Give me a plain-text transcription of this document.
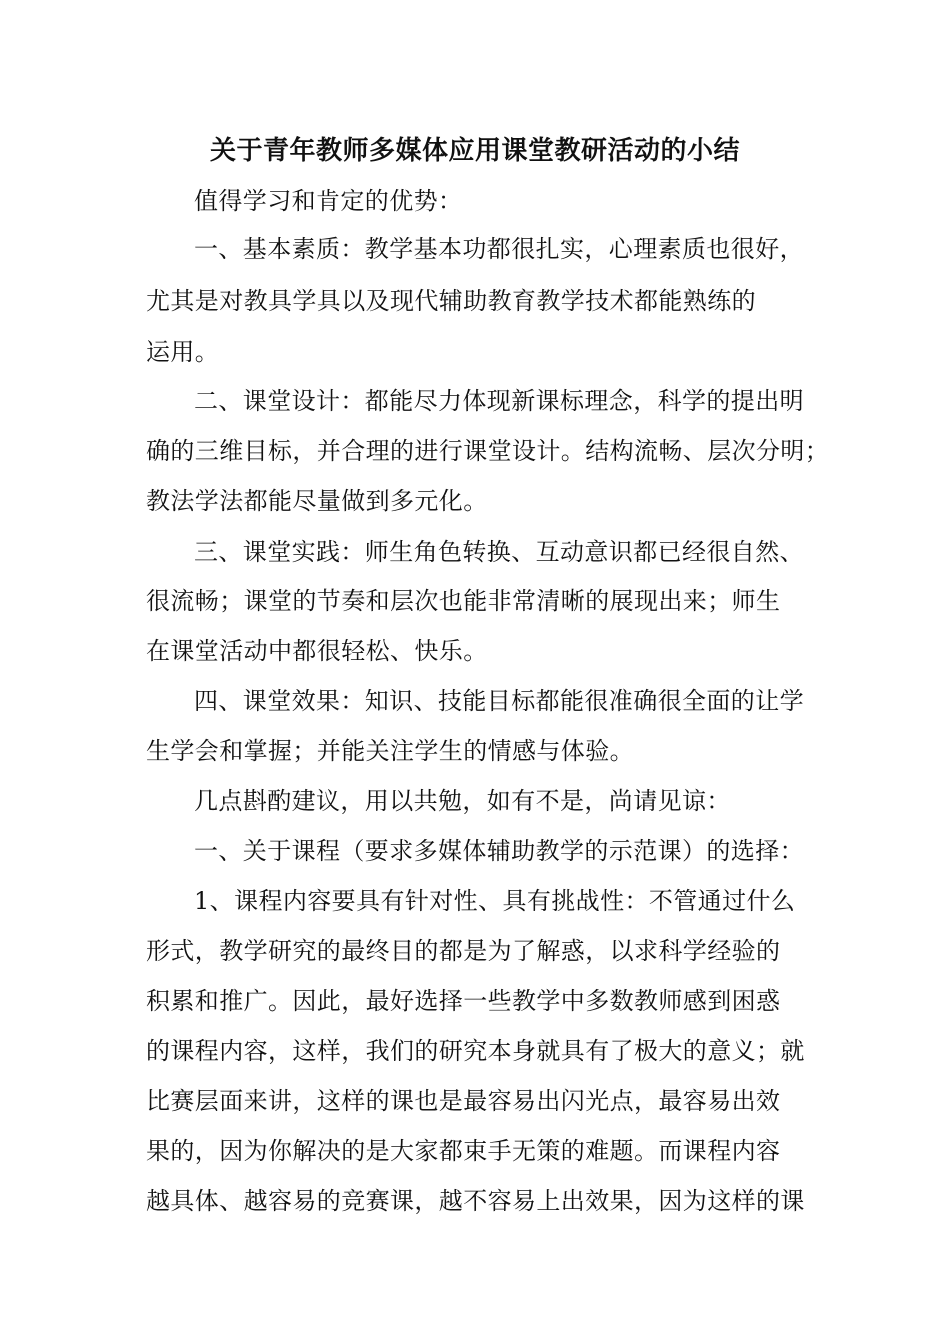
关于青年教师多媒体应用课堂教研活动的小结
值得学习和肯定的优势：
一、基本素质：教学基本功都很扎实，心理素质也很好，
尤其是对教具学具以及现代辅助教育教学技术都能熟练的
运用。
二、课堂设计：都能尽力体现新课标理念，科学的提出明
确的三维目标，并合理的进行课堂设计。结构流畅、层次分明；
教法学法都能尽量做到多元化。
三、课堂实践：师生角色转换、互动意识都已经很自然、
很流畅；课堂的节奏和层次也能非常清晰的展现出来；师生
在课堂活动中都很轻松、快乐。
四、课堂效果：知识、技能目标都能很准确很全面的让学
生学会和掌握；并能关注学生的情感与体验。
几点斟酌建议，用以共勉，如有不是，尚请见谅：
一、关于课程（要求多媒体辅助教学的示范课）的选择：
1、课程内容要具有针对性、具有挑战性：不管通过什么
形式，教学研究的最终目的都是为了解惑，以求科学经验的
积累和推广。因此，最好选择一些教学中多数教师感到困惑
的课程内容，这样，我们的研究本身就具有了极大的意义；就
比赛层面来讲，这样的课也是最容易出闪光点，最容易出效
果的，因为你解决的是大家都束手无策的难题。而课程内容
越具体、越容易的竞赛课，越不容易上出效果，因为这样的课
